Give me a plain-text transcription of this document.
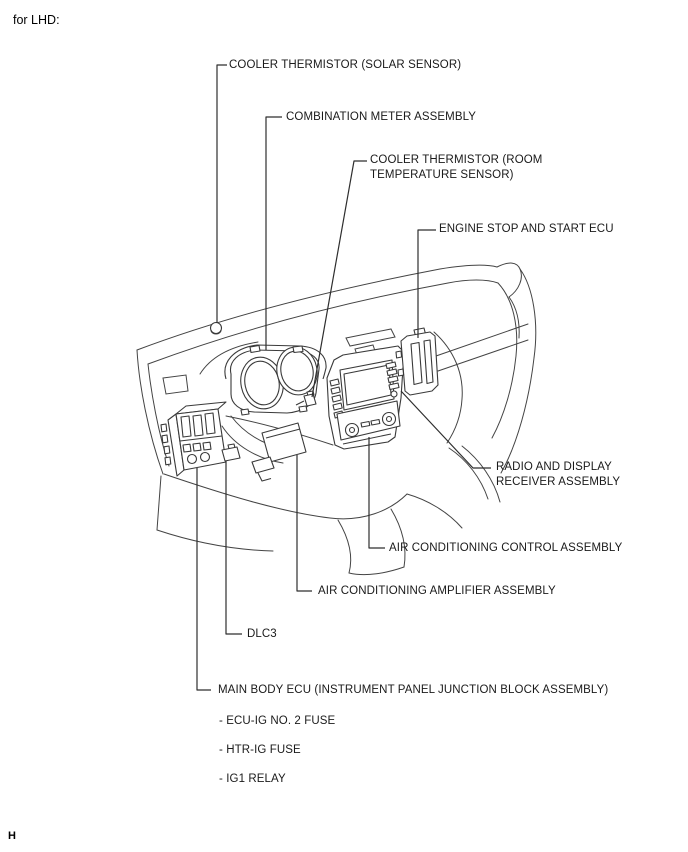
for LHD:
COOLER THERMISTOR (SOLAR SENSOR)
COMBINATION METER ASSEMBLY
COOLER THERMISTOR (ROOM
TEMPERATURE SENSOR)
ENGINE STOP AND START ECU
RADIO AND DISPLAY
RECEIVER ASSEMBLY
AIR CONDITIONING CONTROL ASSEMBLY
AIR CONDITIONING AMPLIFIER ASSEMBLY
DLC3
MAIN BODY ECU (INSTRUMENT PANEL JUNCTION BLOCK ASSEMBLY)
- ECU-IG NO. 2 FUSE
- HTR-IG FUSE
- IG1 RELAY
H
